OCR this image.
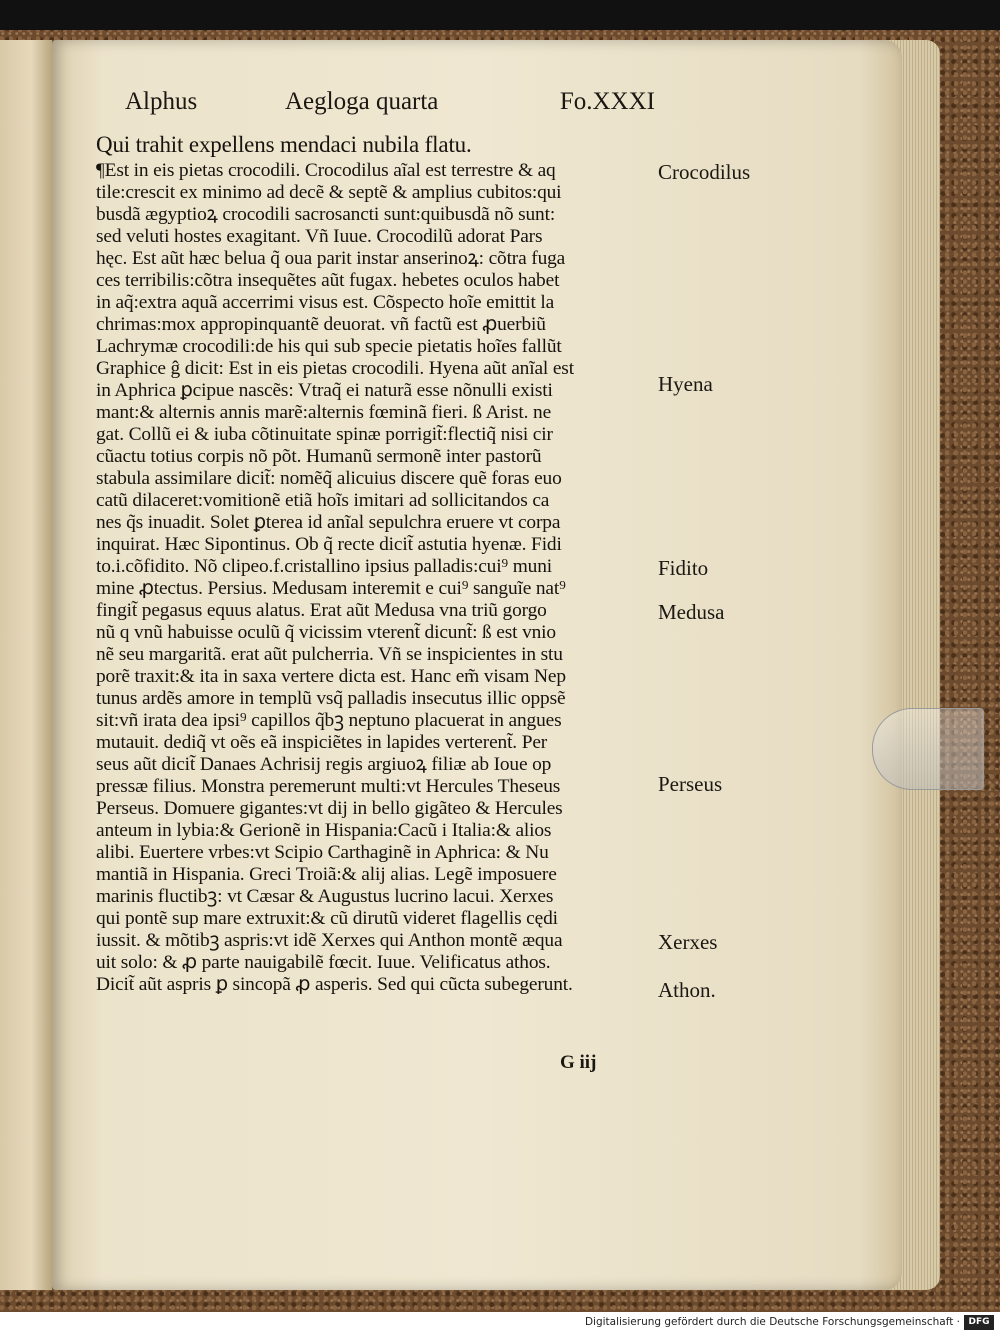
Alphus	Aegloga quarta	Fo.XXXI
Qui trahit expellens mendaci nubila flatu.
¶Est in eis pietas crocodili. Crocodilus aĩal est terrestre & aq
tile:crescit ex minimo ad decẽ & septẽ & amplius cubitos:qui
busdã ægyptioꝝ crocodili sacrosancti sunt:quibusdã nõ sunt:
sed veluti hostes exagitant. Vñ Iuue. Crocodilũ adorat Pars
hęc. Est aũt hæc belua q̃ oua parit instar anserinoꝝ: cõtra fuga
ces terribilis:cõtra insequẽtes aũt fugax. hebetes oculos habet
in aq̃:extra aquã accerrimi visus est. Cõspecto hoĩe emittit la
chrimas:mox appropinquantẽ deuorat. vñ factũ est ꝓuerbiũ
Lachrymæ crocodili:de his qui sub specie pietatis hoĩes fallũt
Graphice ĝ dicit: Est in eis pietas crocodili. Hyena aũt anĩal est
in Aphrica ꝑcipue nascẽs: Vtraq̃ ei naturã esse nõnulli existi
mant:& alternis annis marẽ:alternis fœminã fieri. ß Arist. ne
gat. Collũ ei & iuba cõtinuitate spinæ porrigit̃:flectiq̃ nisi cir
cũactu totius corpis nõ põt. Humanũ sermonẽ inter pastorũ
stabula assimilare dicit̃: nomẽq̃ alicuius discere quẽ foras euo
catũ dilaceret:vomitionẽ etiã hoĩs imitari ad sollicitandos ca
nes q̃s inuadit. Solet ꝑterea id anĩal sepulchra eruere vt corpa
inquirat. Hæc Sipontinus. Ob q̃ recte dicit̃ astutia hyenæ. Fidi
to.i.cõfidito. Nõ clipeo.f.cristallino ipsius palladis:cui⁹ muni
mine ꝓtectus. Persius. Medusam interemit e cui⁹ sanguĩe nat⁹
fingit̃ pegasus equus alatus. Erat aũt Medusa vna triũ gorgo
nũ q vnũ habuisse oculũ q̃ vicissim vterent̃ dicunt̃: ß est vnio
nẽ seu margaritã. erat aũt pulcherria. Vñ se inspicientes in stu
porẽ traxit:& ita in saxa vertere dicta est. Hanc em̃ visam Nep
tunus ardẽs amore in templũ vsq̃ palladis insecutus illic oppsẽ
sit:vñ irata dea ipsi⁹ capillos q̃bꝫ neptuno placuerat in angues
mutauit. dediq̃ vt oẽs eã inspiciẽtes in lapides verterent̃. Per
seus aũt dicit̃ Danaes Achrisĳ regis argiuoꝝ filiæ ab Ioue op
pressæ filius. Monstra peremerunt multi:vt Hercules Theseus
Perseus. Domuere gigantes:vt dĳ in bello gigãteo & Hercules
anteum in lybia:& Gerionẽ in Hispania:Cacũ i Italia:& alios
alibi. Euertere vrbes:vt Scipio Carthaginẽ in Aphrica: & Nu
mantiã in Hispania. Greci Troiã:& alĳ alias. Legẽ imposuere
marinis fluctibꝫ: vt Cæsar & Augustus lucrino lacui. Xerxes
qui pontẽ sup mare extruxit:& cũ dirutũ videret flagellis cędi
iussit. & mõtibꝫ aspris:vt idẽ Xerxes qui Anthon montẽ æqua
uit solo: & ꝓ parte nauigabilẽ fœcit. Iuue. Velificatus athos.
Dicit̃ aũt aspris ꝑ sincopã ꝓ asperis. Sed qui cũcta subegerunt.
Crocodilus
Hyena
Fidito
Medusa
Perseus
Xerxes
Athon.
G iij
Digitalisierung gefördert durch die Deutsche Forschungsgemeinschaft · DFG
